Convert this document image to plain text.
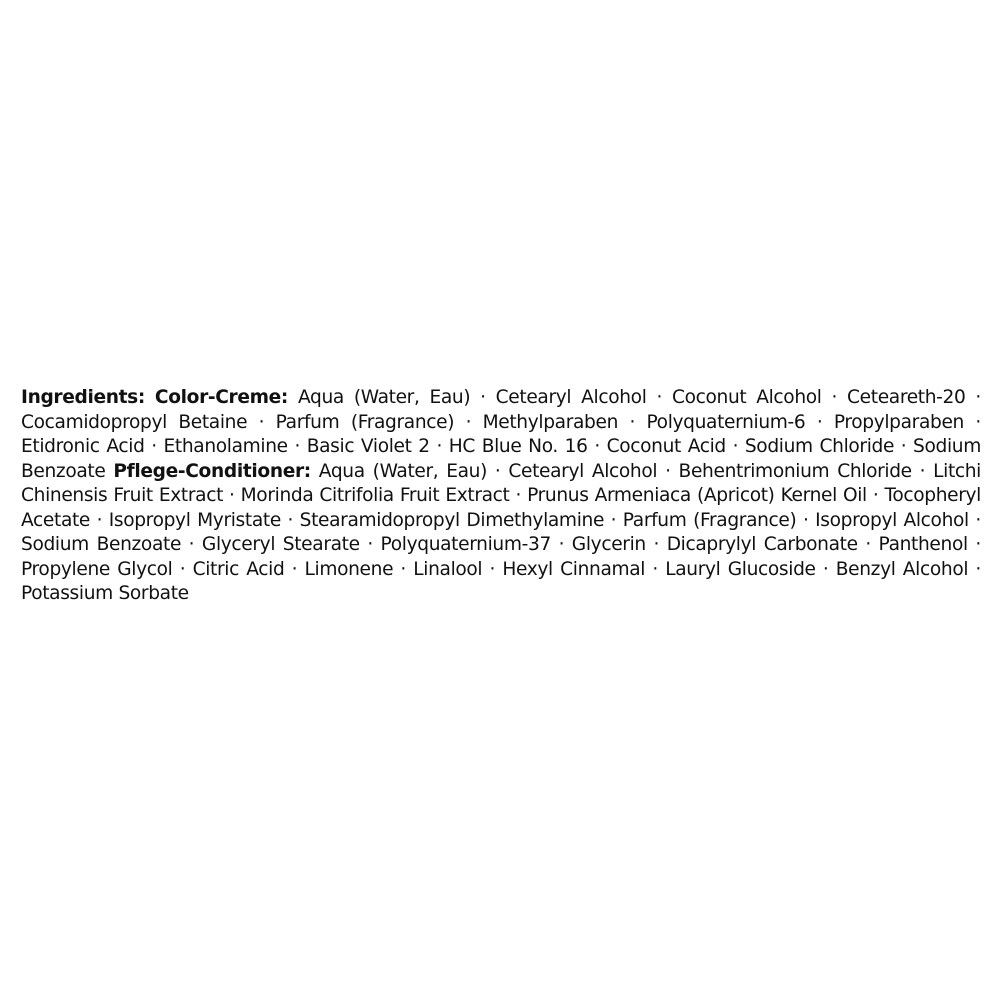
Ingredients: Color-Creme: Aqua (Water, Eau) · Cetearyl Alcohol · Coconut Alcohol · Ceteareth-20 · Cocamidopropyl Betaine · Parfum (Fragrance) · Methylparaben · Polyquaternium-6 · Propylparaben · Etidronic Acid · Ethanolamine · Basic Violet 2 · HC Blue No. 16 · Coconut Acid · Sodium Chloride · Sodium Benzoate Pflege-Conditioner: Aqua (Water, Eau) · Cetearyl Alcohol · Behentrimonium Chloride · Litchi Chinensis Fruit Extract · Morinda Citrifolia Fruit Extract · Prunus Armeniaca (Apricot) Kernel Oil · Tocopheryl Acetate · Isopropyl Myristate · Stearamidopropyl Dimethylamine · Parfum (Fragrance) · Isopropyl Alcohol · Sodium Benzoate · Glyceryl Stearate · Polyquaternium-37 · Glycerin · Dicaprylyl Carbonate · Panthenol · Propylene Glycol · Citric Acid · Limonene · Linalool · Hexyl Cinnamal · Lauryl Glucoside · Benzyl Alcohol · Potassium Sorbate
